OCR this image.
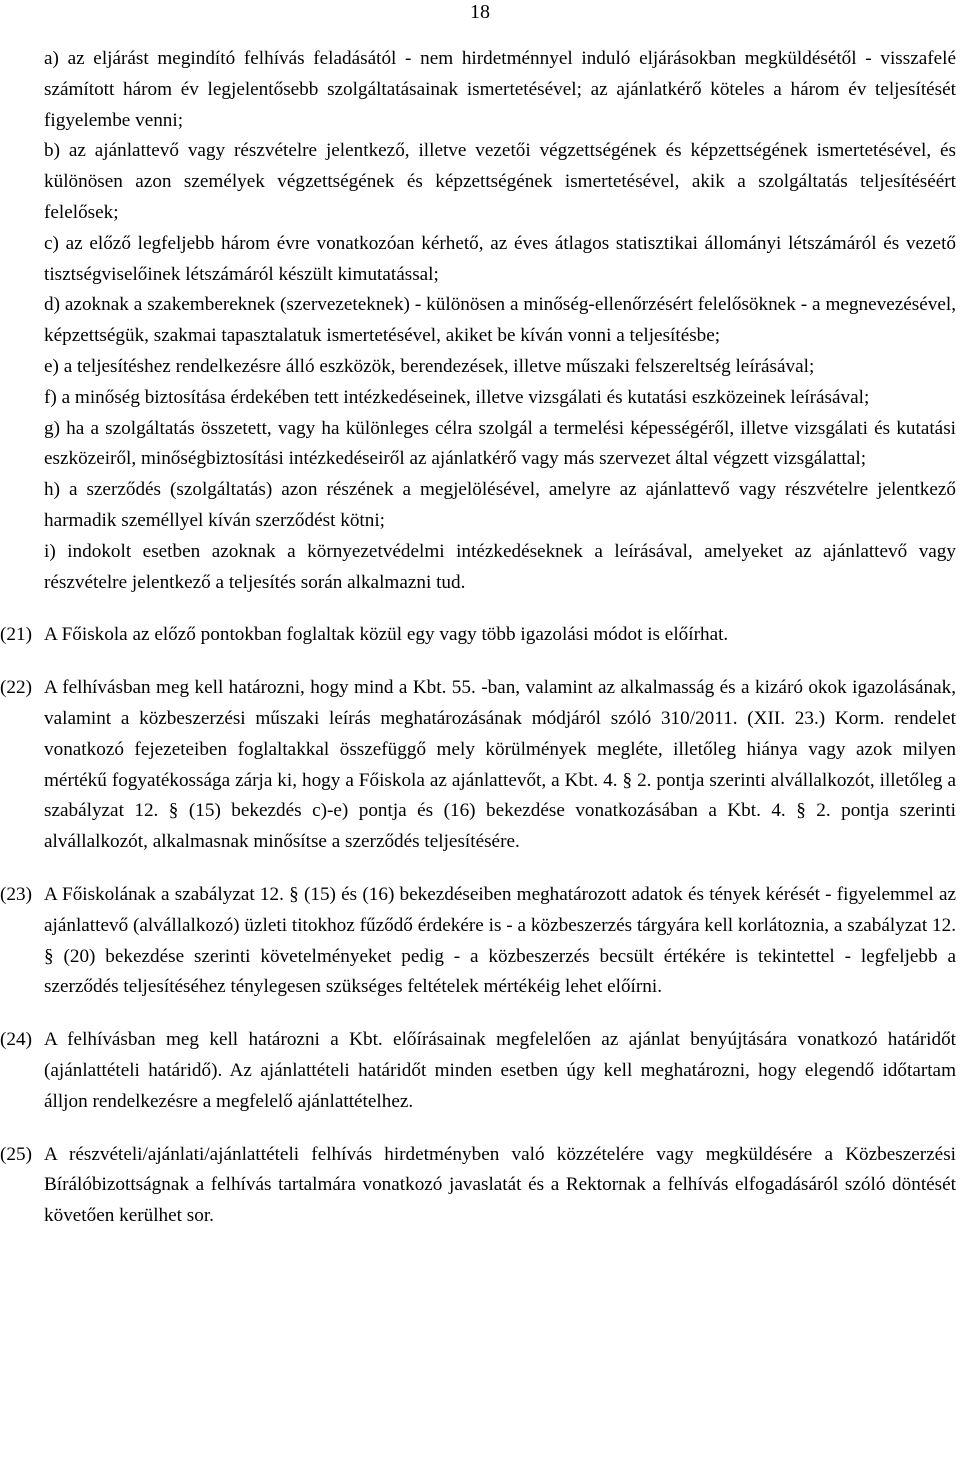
18

a) az eljárást megindító felhívás feladásától - nem hirdetménnyel induló eljárásokban megküldésétől - visszafelé számított három év legjelentősebb szolgáltatásainak ismertetésével; az ajánlatkérő köteles a három év teljesítését figyelembe venni;

b) az ajánlattevő vagy részvételre jelentkező, illetve vezetői végzettségének és képzettségének ismertetésével, és különösen azon személyek végzettségének és képzettségének ismertetésével, akik a szolgáltatás teljesítéséért felelősek;

c) az előző legfeljebb három évre vonatkozóan kérhető, az éves átlagos statisztikai állományi létszámáról és vezető tisztségviselőinek létszámáról készült kimutatással;

d) azoknak a szakembereknek (szervezeteknek) - különösen a minőség-ellenőrzésért felelősöknek - a megnevezésével, képzettségük, szakmai tapasztalatuk ismertetésével, akiket be kíván vonni a teljesítésbe;

e) a teljesítéshez rendelkezésre álló eszközök, berendezések, illetve műszaki felszereltség leírásával;

f) a minőség biztosítása érdekében tett intézkedéseinek, illetve vizsgálati és kutatási eszközeinek leírásával;

g) ha a szolgáltatás összetett, vagy ha különleges célra szolgál a termelési képességéről, illetve vizsgálati és kutatási eszközeiről, minőségbiztosítási intézkedéseiről az ajánlatkérő vagy más szervezet által végzett vizsgálattal;

h) a szerződés (szolgáltatás) azon részének a megjelölésével, amelyre az ajánlattevő vagy részvételre jelentkező harmadik személlyel kíván szerződést kötni;

i) indokolt esetben azoknak a környezetvédelmi intézkedéseknek a leírásával, amelyeket az ajánlattevő vagy részvételre jelentkező a teljesítés során alkalmazni tud.

(21) A Főiskola az előző pontokban foglaltak közül egy vagy több igazolási módot is előírhat.

(22) A felhívásban meg kell határozni, hogy mind a Kbt. 55. -ban, valamint az alkalmasság és a kizáró okok igazolásának, valamint a közbeszerzési műszaki leírás meghatározásának módjáról szóló 310/2011. (XII. 23.) Korm. rendelet vonatkozó fejezeteiben foglaltakkal összefüggő mely körülmények megléte, illetőleg hiánya vagy azok milyen mértékű fogyatékossága zárja ki, hogy a Főiskola az ajánlattevőt, a Kbt. 4. § 2. pontja szerinti alvállalkozót, illetőleg a szabályzat 12. § (15) bekezdés c)-e) pontja és (16) bekezdése vonatkozásában a Kbt. 4. § 2. pontja szerinti alvállalkozót, alkalmasnak minősítse a szerződés teljesítésére.

(23) A Főiskolának a szabályzat 12. § (15) és (16) bekezdéseiben meghatározott adatok és tények kérését - figyelemmel az ajánlattevő (alvállalkozó) üzleti titokhoz fűződő érdekére is - a közbeszerzés tárgyára kell korlátoznia, a szabályzat 12. § (20) bekezdése szerinti követelményeket pedig - a közbeszerzés becsült értékére is tekintettel - legfeljebb a szerződés teljesítéséhez ténylegesen szükséges feltételek mértékéig lehet előírni.

(24) A felhívásban meg kell határozni a Kbt. előírásainak megfelelően az ajánlat benyújtására vonatkozó határidőt (ajánlattételi határidő). Az ajánlattételi határidőt minden esetben úgy kell meghatározni, hogy elegendő időtartam álljon rendelkezésre a megfelelő ajánlattételhez.

(25) A részvételi/ajánlati/ajánlattételi felhívás hirdetményben való közzételére vagy megküldésére a Közbeszerzési Bírálóbizottságnak a felhívás tartalmára vonatkozó javaslatát és a Rektornak a felhívás elfogadásáról szóló döntését követően kerülhet sor.
